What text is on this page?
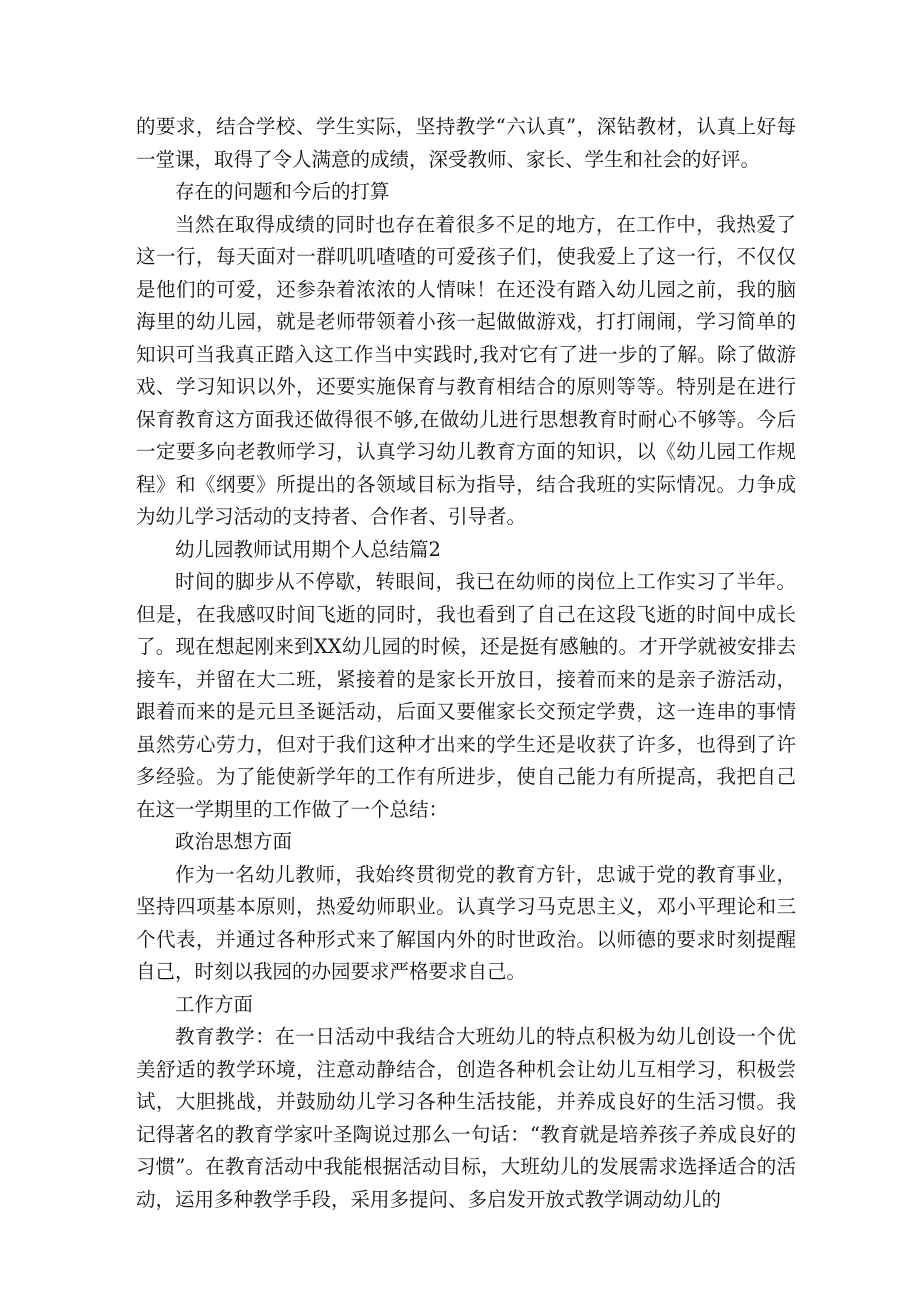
的要求，结合学校、学生实际，坚持教学“六认真”，深钻教材，认真上好每一堂课，取得了令人满意的成绩，深受教师、家长、学生和社会的好评。

存在的问题和今后的打算

当然在取得成绩的同时也存在着很多不足的地方，在工作中，我热爱了这一行，每天面对一群叽叽喳喳的可爱孩子们，使我爱上了这一行，不仅仅是他们的可爱，还参杂着浓浓的人情味！在还没有踏入幼儿园之前，我的脑海里的幼儿园，就是老师带领着小孩一起做做游戏，打打闹闹，学习简单的知识可当我真正踏入这工作当中实践时,我对它有了进一步的了解。除了做游戏、学习知识以外，还要实施保育与教育相结合的原则等等。特别是在进行保育教育这方面我还做得很不够,在做幼儿进行思想教育时耐心不够等。今后一定要多向老教师学习，认真学习幼儿教育方面的知识，以《幼儿园工作规程》和《纲要》所提出的各领域目标为指导，结合我班的实际情况。力争成为幼儿学习活动的支持者、合作者、引导者。

幼儿园教师试用期个人总结篇2

时间的脚步从不停歇，转眼间，我已在幼师的岗位上工作实习了半年。但是，在我感叹时间飞逝的同时，我也看到了自己在这段飞逝的时间中成长了。现在想起刚来到XX幼儿园的时候，还是挺有感触的。才开学就被安排去接车，并留在大二班，紧接着的是家长开放日，接着而来的是亲子游活动，跟着而来的是元旦圣诞活动，后面又要催家长交预定学费，这一连串的事情虽然劳心劳力，但对于我们这种才出来的学生还是收获了许多，也得到了许多经验。为了能使新学年的工作有所进步，使自己能力有所提高，我把自己在这一学期里的工作做了一个总结：

政治思想方面

作为一名幼儿教师，我始终贯彻党的教育方针，忠诚于党的教育事业，坚持四项基本原则，热爱幼师职业。认真学习马克思主义，邓小平理论和三个代表，并通过各种形式来了解国内外的时世政治。以师德的要求时刻提醒自己，时刻以我园的办园要求严格要求自己。

工作方面

教育教学：在一日活动中我结合大班幼儿的特点积极为幼儿创设一个优美舒适的教学环境，注意动静结合，创造各种机会让幼儿互相学习，积极尝试，大胆挑战，并鼓励幼儿学习各种生活技能，并养成良好的生活习惯。我记得著名的教育学家叶圣陶说过那么一句话：“教育就是培养孩子养成良好的习惯”。在教育活动中我能根据活动目标，大班幼儿的发展需求选择适合的活动，运用多种教学手段，采用多提问、多启发开放式教学调动幼儿的
